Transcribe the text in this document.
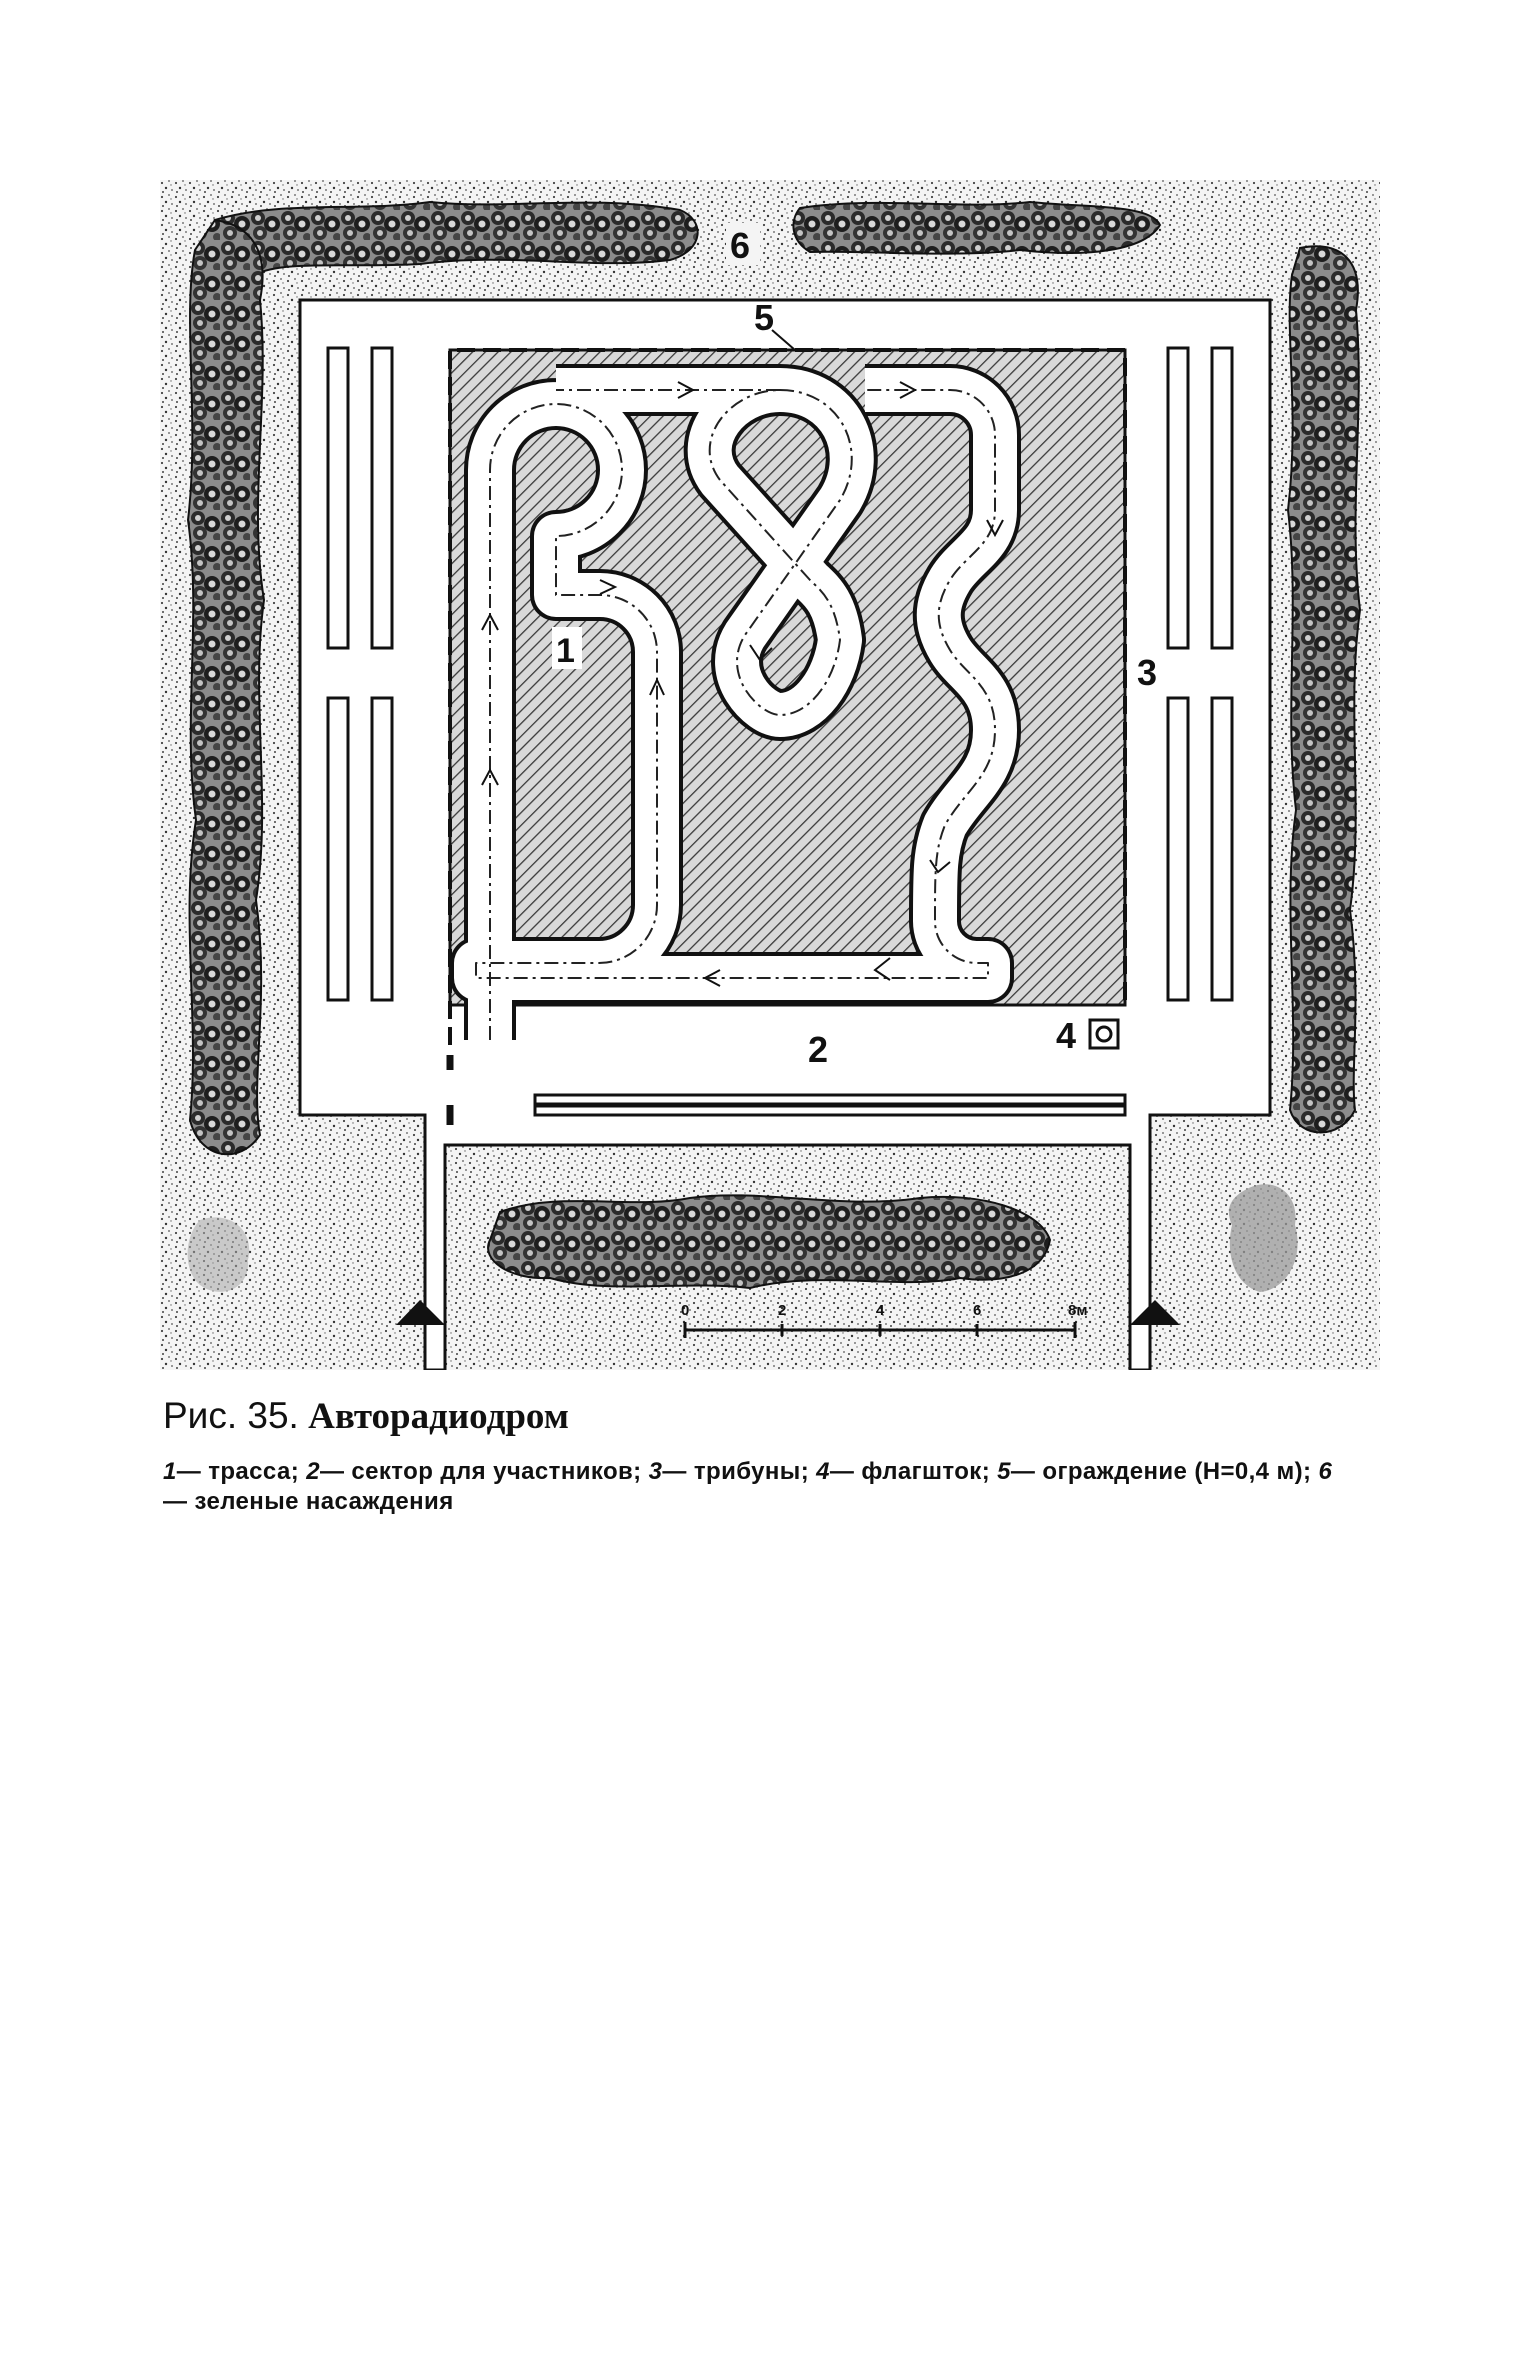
0	2	4	6	8м
1
2
3
4
5
6
Рис. 35. Авторадиодром
1— трасса; 2— сектор для участников; 3— трибуны; 4— флагшток; 5— ограждение (Н=0,4 м); 6— зеленые насаждения
